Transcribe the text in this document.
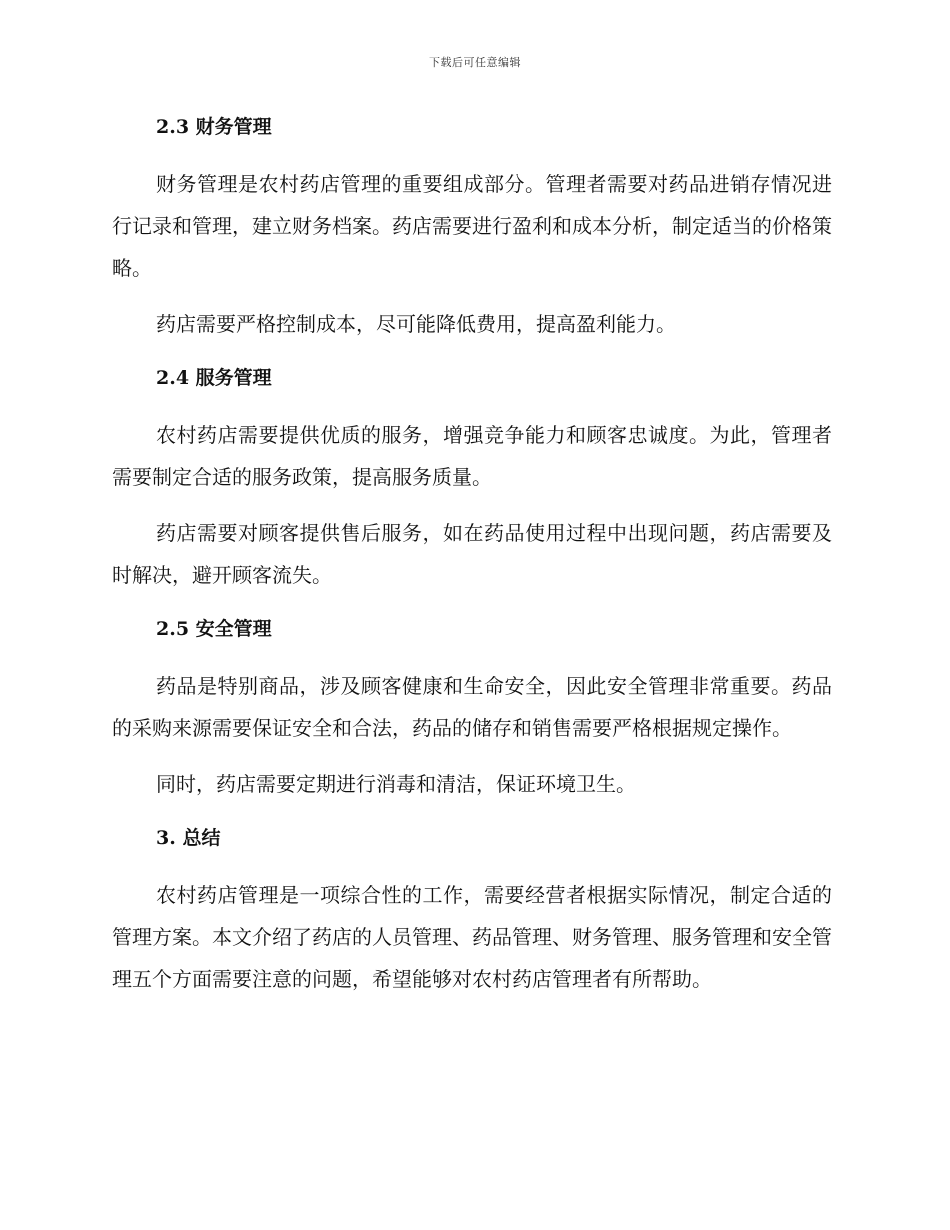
下载后可任意编辑
2.3 财务管理

财务管理是农村药店管理的重要组成部分。管理者需要对药品进销存情况进行记录和管理，建立财务档案。药店需要进行盈利和成本分析，制定适当的价格策略。

药店需要严格控制成本，尽可能降低费用，提高盈利能力。

2.4 服务管理

农村药店需要提供优质的服务，增强竞争能力和顾客忠诚度。为此，管理者需要制定合适的服务政策，提高服务质量。

药店需要对顾客提供售后服务，如在药品使用过程中出现问题，药店需要及时解决，避开顾客流失。

2.5 安全管理

药品是特别商品，涉及顾客健康和生命安全，因此安全管理非常重要。药品的采购来源需要保证安全和合法，药品的储存和销售需要严格根据规定操作。

同时，药店需要定期进行消毒和清洁，保证环境卫生。

3. 总结

农村药店管理是一项综合性的工作，需要经营者根据实际情况，制定合适的管理方案。本文介绍了药店的人员管理、药品管理、财务管理、服务管理和安全管理五个方面需要注意的问题，希望能够对农村药店管理者有所帮助。
